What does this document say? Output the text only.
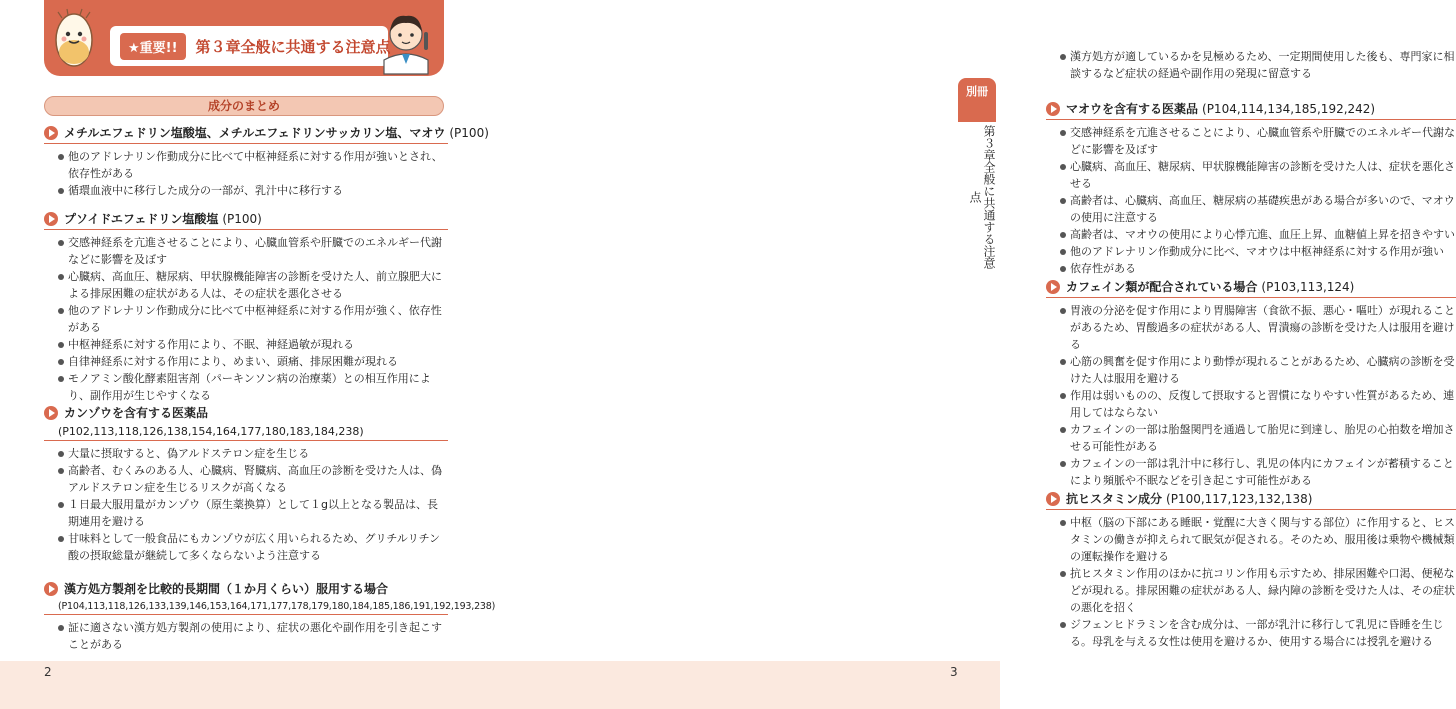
★重要!!	第３章全般に共通する注意点
成分のまとめ
メチルエフェドリン塩酸塩、メチルエフェドリンサッカリン塩、マオウ (P100)
他のアドレナリン作動成分に比べて中枢神経系に対する作用が強いとされ、依存性がある
循環血液中に移行した成分の一部が、乳汁中に移行する
プソイドエフェドリン塩酸塩 (P100)
交感神経系を亢進させることにより、心臓血管系や肝臓でのエネルギー代謝などに影響を及ぼす
心臓病、高血圧、糖尿病、甲状腺機能障害の診断を受けた人、前立腺肥大による排尿困難の症状がある人は、その症状を悪化させる
他のアドレナリン作動成分に比べて中枢神経系に対する作用が強く、依存性がある
中枢神経系に対する作用により、不眠、神経過敏が現れる
自律神経系に対する作用により、めまい、頭痛、排尿困難が現れる
モノアミン酸化酵素阻害剤（パーキンソン病の治療薬）との相互作用により、副作用が生じやすくなる
カンゾウを含有する医薬品
(P102,113,118,126,138,154,164,177,180,183,184,238)
大量に摂取すると、偽アルドステロン症を生じる
高齢者、むくみのある人、心臓病、腎臓病、高血圧の診断を受けた人は、偽アルドステロン症を生じるリスクが高くなる
１日最大服用量がカンゾウ（原生薬換算）として１g以上となる製品は、長期連用を避ける
甘味料として一般食品にもカンゾウが広く用いられるため、グリチルリチン酸の摂取総量が継続して多くならないよう注意する
漢方処方製剤を比較的長期間（１か月くらい）服用する場合
(P104,113,118,126,133,139,146,153,164,171,177,178,179,180,184,185,186,191,192,193,238)
証に適さない漢方処方製剤の使用により、症状の悪化や副作用を引き起こすことがある
2
漢方処方が適しているかを見極めるため、一定期間使用した後も、専門家に相談するなど症状の経過や副作用の発現に留意する
マオウを含有する医薬品 (P104,114,134,185,192,242)
交感神経系を亢進させることにより、心臓血管系や肝臓でのエネルギー代謝などに影響を及ぼす
心臓病、高血圧、糖尿病、甲状腺機能障害の診断を受けた人は、症状を悪化させる
高齢者は、心臓病、高血圧、糖尿病の基礎疾患がある場合が多いので、マオウの使用に注意する
高齢者は、マオウの使用により心悸亢進、血圧上昇、血糖値上昇を招きやすい
他のアドレナリン作動成分に比べ、マオウは中枢神経系に対する作用が強い
依存性がある
カフェイン類が配合されている場合 (P103,113,124)
胃液の分泌を促す作用により胃腸障害（食欲不振、悪心・嘔吐）が現れることがあるため、胃酸過多の症状がある人、胃潰瘍の診断を受けた人は服用を避ける
心筋の興奮を促す作用により動悸が現れることがあるため、心臓病の診断を受けた人は服用を避ける
作用は弱いものの、反復して摂取すると習慣になりやすい性質があるため、連用してはならない
カフェインの一部は胎盤関門を通過して胎児に到達し、胎児の心拍数を増加させる可能性がある
カフェインの一部は乳汁中に移行し、乳児の体内にカフェインが蓄積することにより頻脈や不眠などを引き起こす可能性がある
抗ヒスタミン成分 (P100,117,123,132,138)
中枢（脳の下部にある睡眠・覚醒に大きく関与する部位）に作用すると、ヒスタミンの働きが抑えられて眠気が促される。そのため、服用後は乗物や機械類の運転操作を避ける
抗ヒスタミン作用のほかに抗コリン作用も示すため、排尿困難や口渇、便秘などが現れる。排尿困難の症状がある人、緑内障の診断を受けた人は、その症状の悪化を招く
ジフェンヒドラミンを含む成分は、一部が乳汁に移行して乳児に昏睡を生じる。母乳を与える女性は使用を避けるか、使用する場合には授乳を避ける
3
別冊
第３章全般に共通する注意点
